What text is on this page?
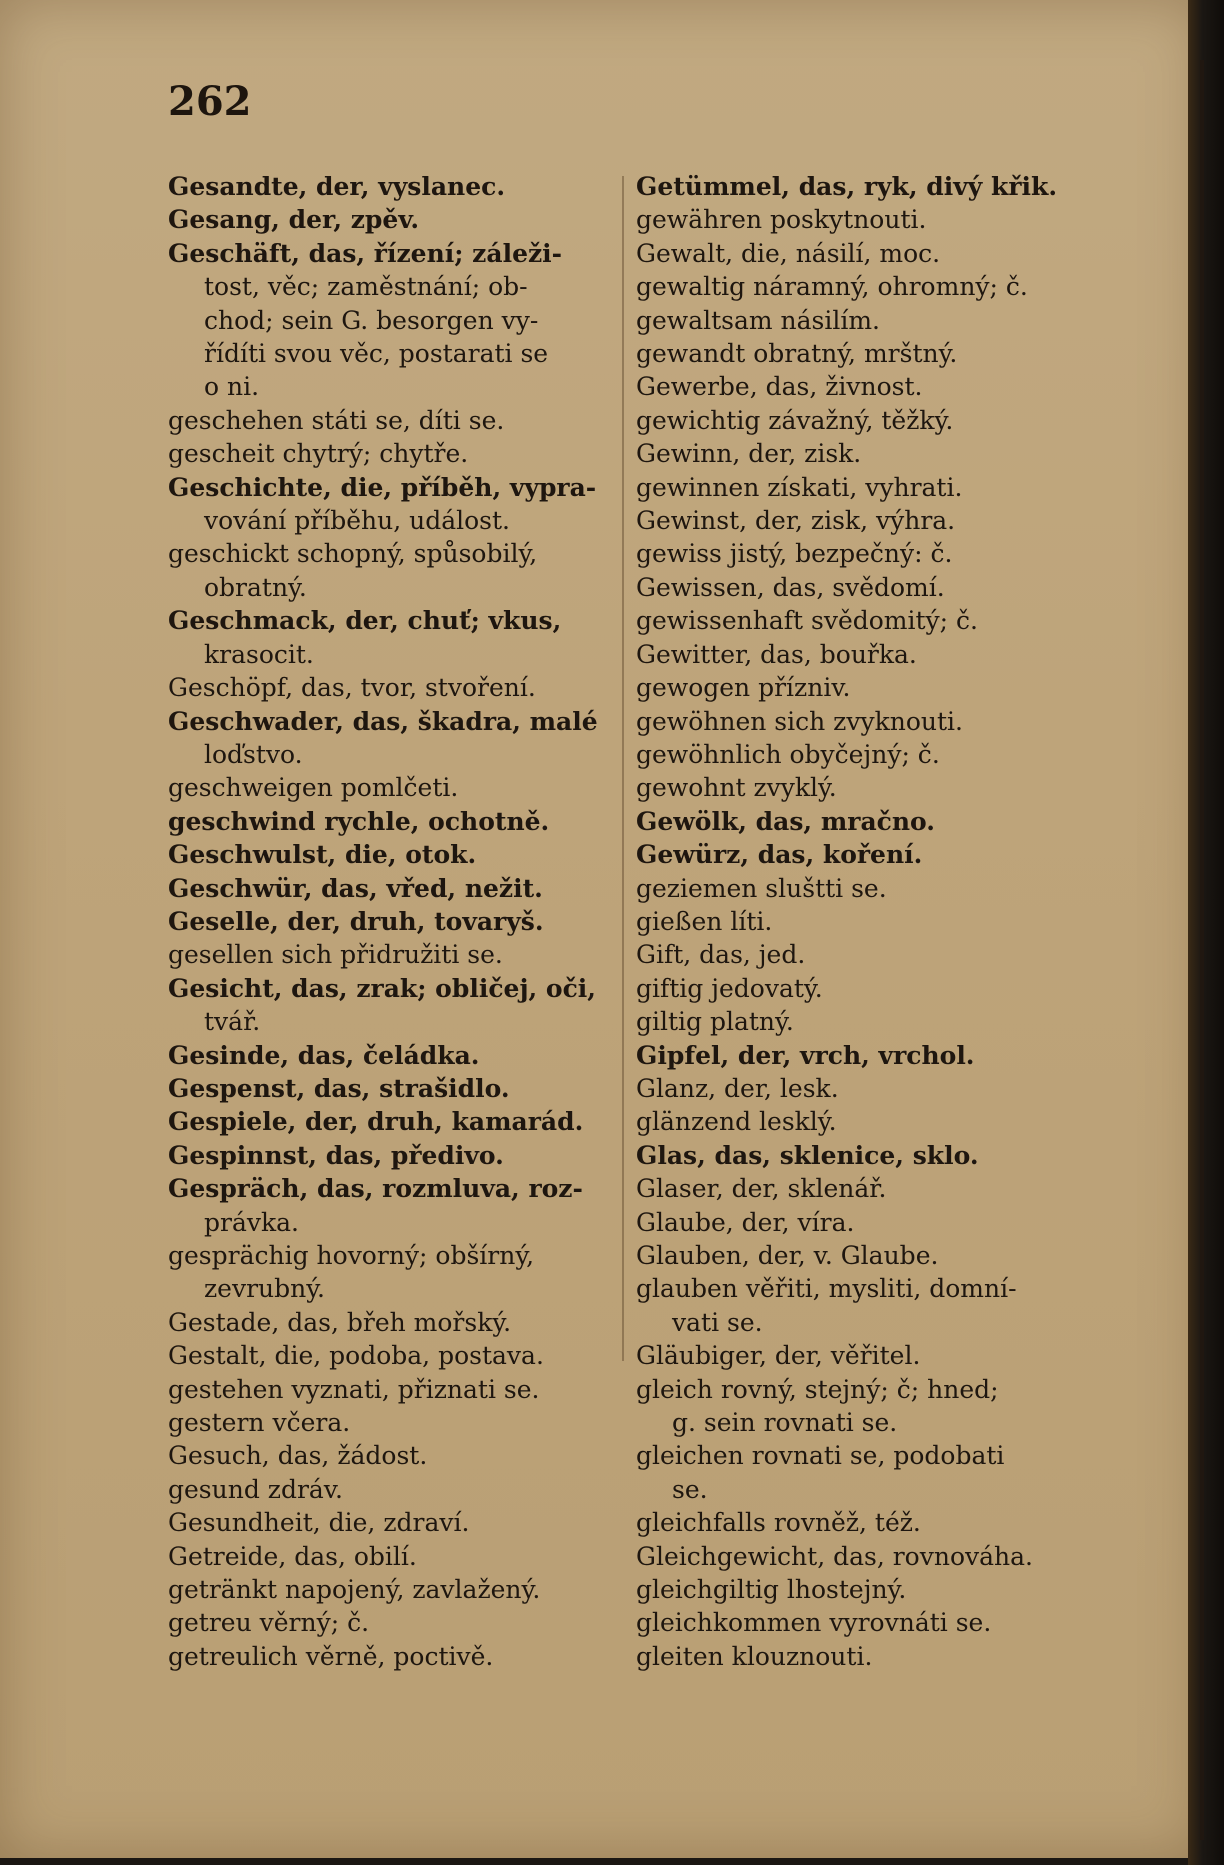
262
Gesandte, der, vyslanec.
Gesang, der, zpěv.
Geschäft, das, řízení; záleži-
tost, věc; zaměstnání; ob-
chod; sein G. besorgen vy-
řídíti svou věc, postarati se
o ni.
geschehen státi se, díti se.
gescheit chytrý; chytře.
Geschichte, die, příběh, vypra-
vování příběhu, událost.
geschickt schopný, spůsobilý,
obratný.
Geschmack, der, chuť; vkus,
krasocit.
Geschöpf, das, tvor, stvoření.
Geschwader, das, škadra, malé
loďstvo.
geschweigen pomlčeti.
geschwind rychle, ochotně.
Geschwulst, die, otok.
Geschwür, das, vřed, nežit.
Geselle, der, druh, tovaryš.
gesellen sich přidružiti se.
Gesicht, das, zrak; obličej, oči,
tvář.
Gesinde, das, čeládka.
Gespenst, das, strašidlo.
Gespiele, der, druh, kamarád.
Gespinnst, das, předivo.
Gespräch, das, rozmluva, roz-
právka.
gesprächig hovorný; obšírný,
zevrubný.
Gestade, das, břeh mořský.
Gestalt, die, podoba, postava.
gestehen vyznati, přiznati se.
gestern včera.
Gesuch, das, žádost.
gesund zdráv.
Gesundheit, die, zdraví.
Getreide, das, obilí.
getränkt napojený, zavlažený.
getreu věrný; č.
getreulich věrně, poctivě.
Getümmel, das, ryk, divý křik.
gewähren poskytnouti.
Gewalt, die, násilí, moc.
gewaltig náramný, ohromný; č.
gewaltsam násilím.
gewandt obratný, mrštný.
Gewerbe, das, živnost.
gewichtig závažný, těžký.
Gewinn, der, zisk.
gewinnen získati, vyhrati.
Gewinst, der, zisk, výhra.
gewiss jistý, bezpečný: č.
Gewissen, das, svědomí.
gewissenhaft svědomitý; č.
Gewitter, das, bouřka.
gewogen přízniv.
gewöhnen sich zvyknouti.
gewöhnlich obyčejný; č.
gewohnt zvyklý.
Gewölk, das, mračno.
Gewürz, das, koření.
geziemen sluštti se.
gießen líti.
Gift, das, jed.
giftig jedovatý.
giltig platný.
Gipfel, der, vrch, vrchol.
Glanz, der, lesk.
glänzend lesklý.
Glas, das, sklenice, sklo.
Glaser, der, sklenář.
Glaube, der, víra.
Glauben, der, v. Glaube.
glauben věřiti, mysliti, domní-
vati se.
Gläubiger, der, věřitel.
gleich rovný, stejný; č; hned;
g. sein rovnati se.
gleichen rovnati se, podobati
se.
gleichfalls rovněž, též.
Gleichgewicht, das, rovnováha.
gleichgiltig lhostejný.
gleichkommen vyrovnáti se.
gleiten klouznouti.
